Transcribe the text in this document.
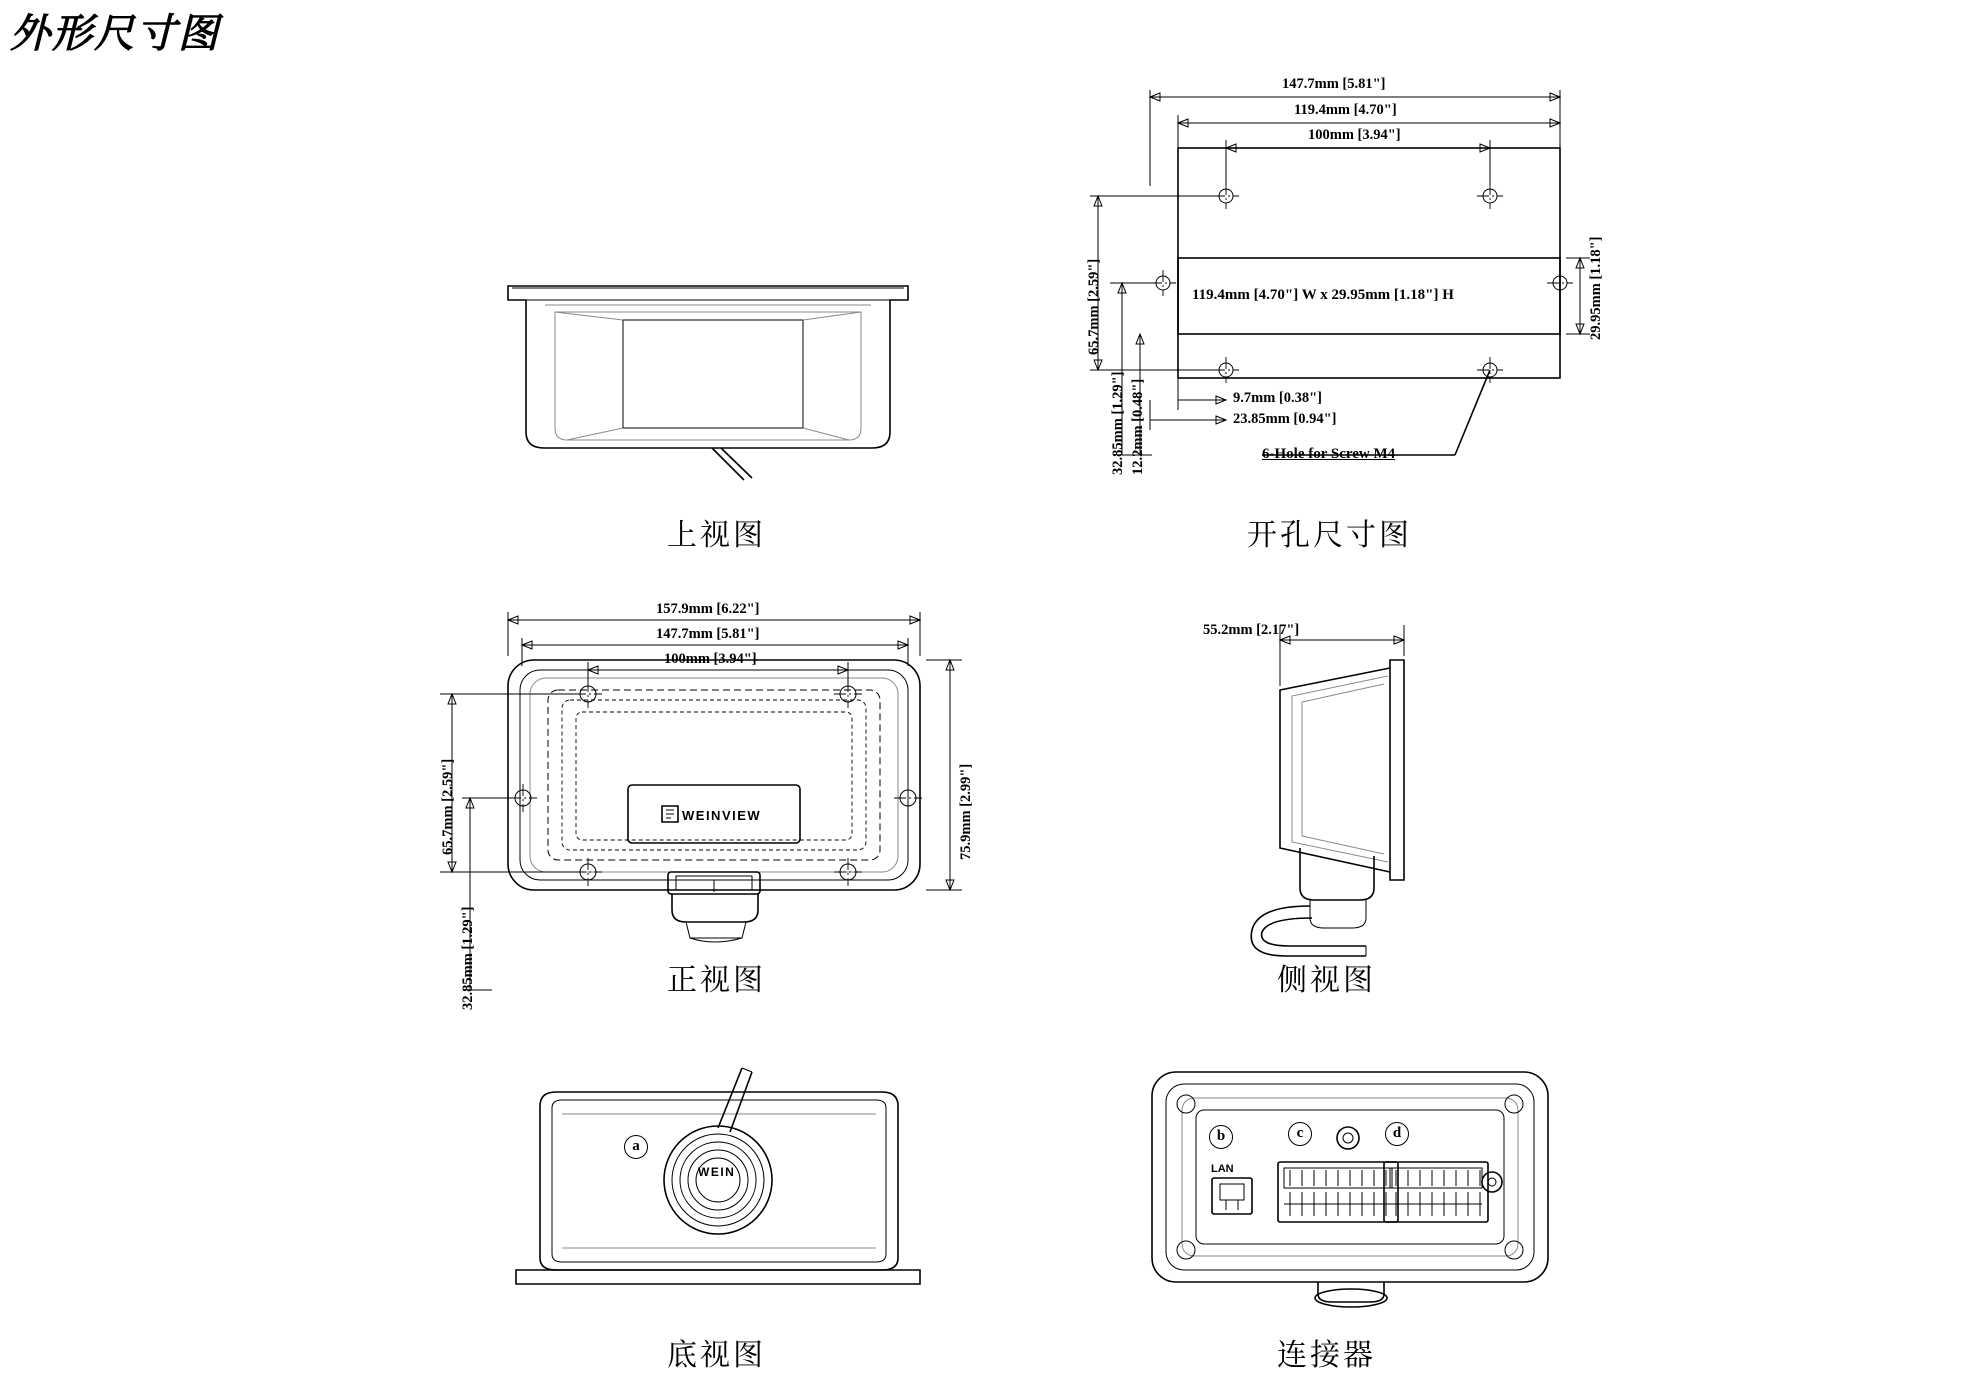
外形尺寸图
上视图
147.7mm [5.81"]
119.4mm [4.70"]
100mm [3.94"]
65.7mm [2.59"]
32.85mm [1.29"] 12.2mm [0.48"]
29.95mm [1.18"]
9.7mm [0.38"]
23.85mm [0.94"]
119.4mm [4.70"] W x 29.95mm [1.18"] H
6-Hole for Screw M4
开孔尺寸图
157.9mm [6.22"]
147.7mm [5.81"]
100mm [3.94"]
65.7mm [2.59"]
32.85mm [1.29"]
75.9mm [2.99"]
WEINVIEW
正视图
55.2mm [2.17"]
侧视图
WEIN
a
底视图
LAN
b	c	d
连接器
